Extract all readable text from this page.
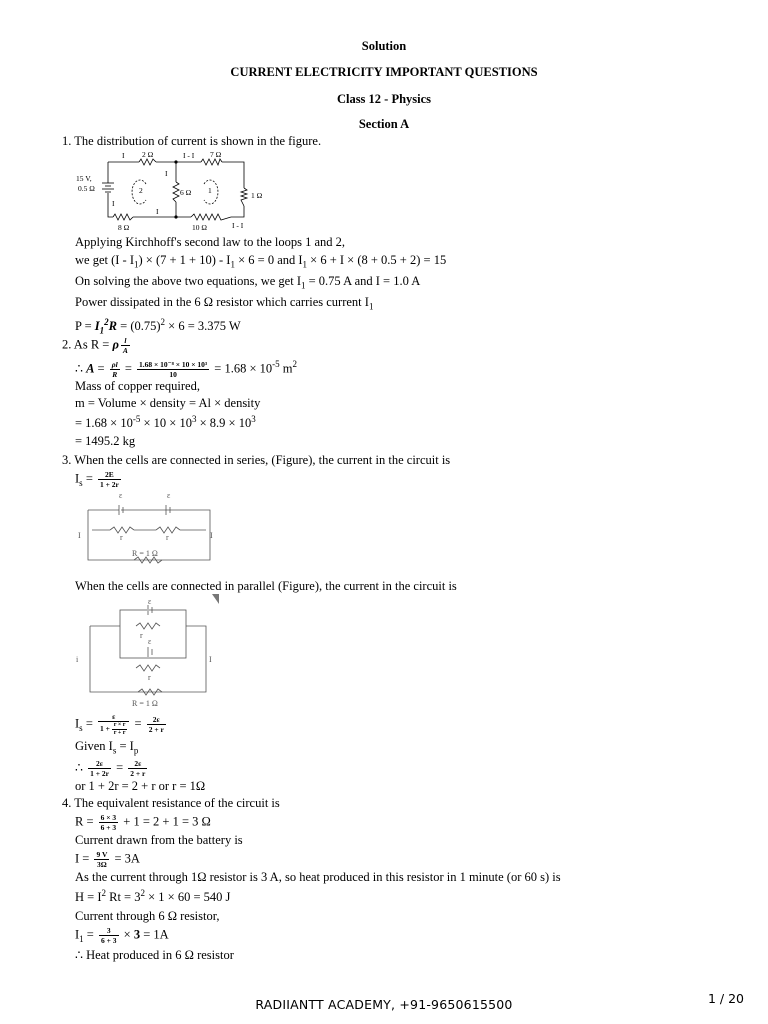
Solution
CURRENT ELECTRICITY IMPORTANT QUESTIONS
Class 12 - Physics
Section A
1. The distribution of current is shown in the figure.
15 V,
0.5 Ω
2 Ω	7 Ω
6 Ω	1 Ω
8 Ω	10 Ω
I	I - I
I
2	1
I
I
I - I
Applying Kirchhoff's second law to the loops 1 and 2,
we get $(I - I_1) \times (7 + 1 + 10) - I_1 \times 6 = 0$ and $I_1 \times 6 + I \times (8 + 0.5 + 2) = 15$
On solving the above two equations, we get $I_1 = 0.75$ A and I = 1.0 A
Power dissipated in the 6 Ω resistor which carries current $I_1$
$P = I_1^2R = (0.75)^2 \times 6 = 3.375$ W
2. As R = ρ $\frac{l}{A}$
∴ $A = \frac{\rho l}{R} = \frac{\text{1.68 × 10⁻⁸ × 10 × 10³}}{10} = 1.68 \times 10^{-5}$ $m^2$
Mass of copper required,
m = Volume × density = Al × density
= $1.68 \times 10^{-5} \times 10 \times 10^3 \times 8.9 \times 10^3$
= 1495.2 kg
3. When the cells are connected in series, (Figure), the current in the circuit is
$I_s = \frac{2E}{1 + 2r}$
ε	ε
r	r
R = 1 Ω
I	I
When the cells are connected in parallel (Figure), the current in the circuit is
ε
ε
r
r
R = 1 Ω
i	I
$I_s = \frac{\varepsilon}{1 + \frac{r \times r}{r + r}} = \frac{2\varepsilon}{2 + r}$
Given $I_s = I_p$
∴ $\frac{2\varepsilon}{1 + 2r} = \frac{2\varepsilon}{2 + r}$
or 1 + 2r = 2 + r or r = 1Ω
4. The equivalent resistance of the circuit is
$R = \frac{6 \times 3}{6 + 3} + 1 = 2 + 1 = 3$ Ω
Current drawn from the battery is
$I = \frac{9 V}{3\Omega} = 3A$
As the current through 1Ω resistor is 3 A, so heat produced in this resistor in 1 minute (or 60 s) is
$H = I^2$ $Rt = 3^2 \times 1 \times 60 = 540$ J
Current through 6 Ω resistor,
$I_1 = \frac{3}{6 + 3} \times 3 = 1A$
∴ Heat produced in 6 Ω resistor
RADIIANTT ACADEMY, +91-9650615500	1 / 20
